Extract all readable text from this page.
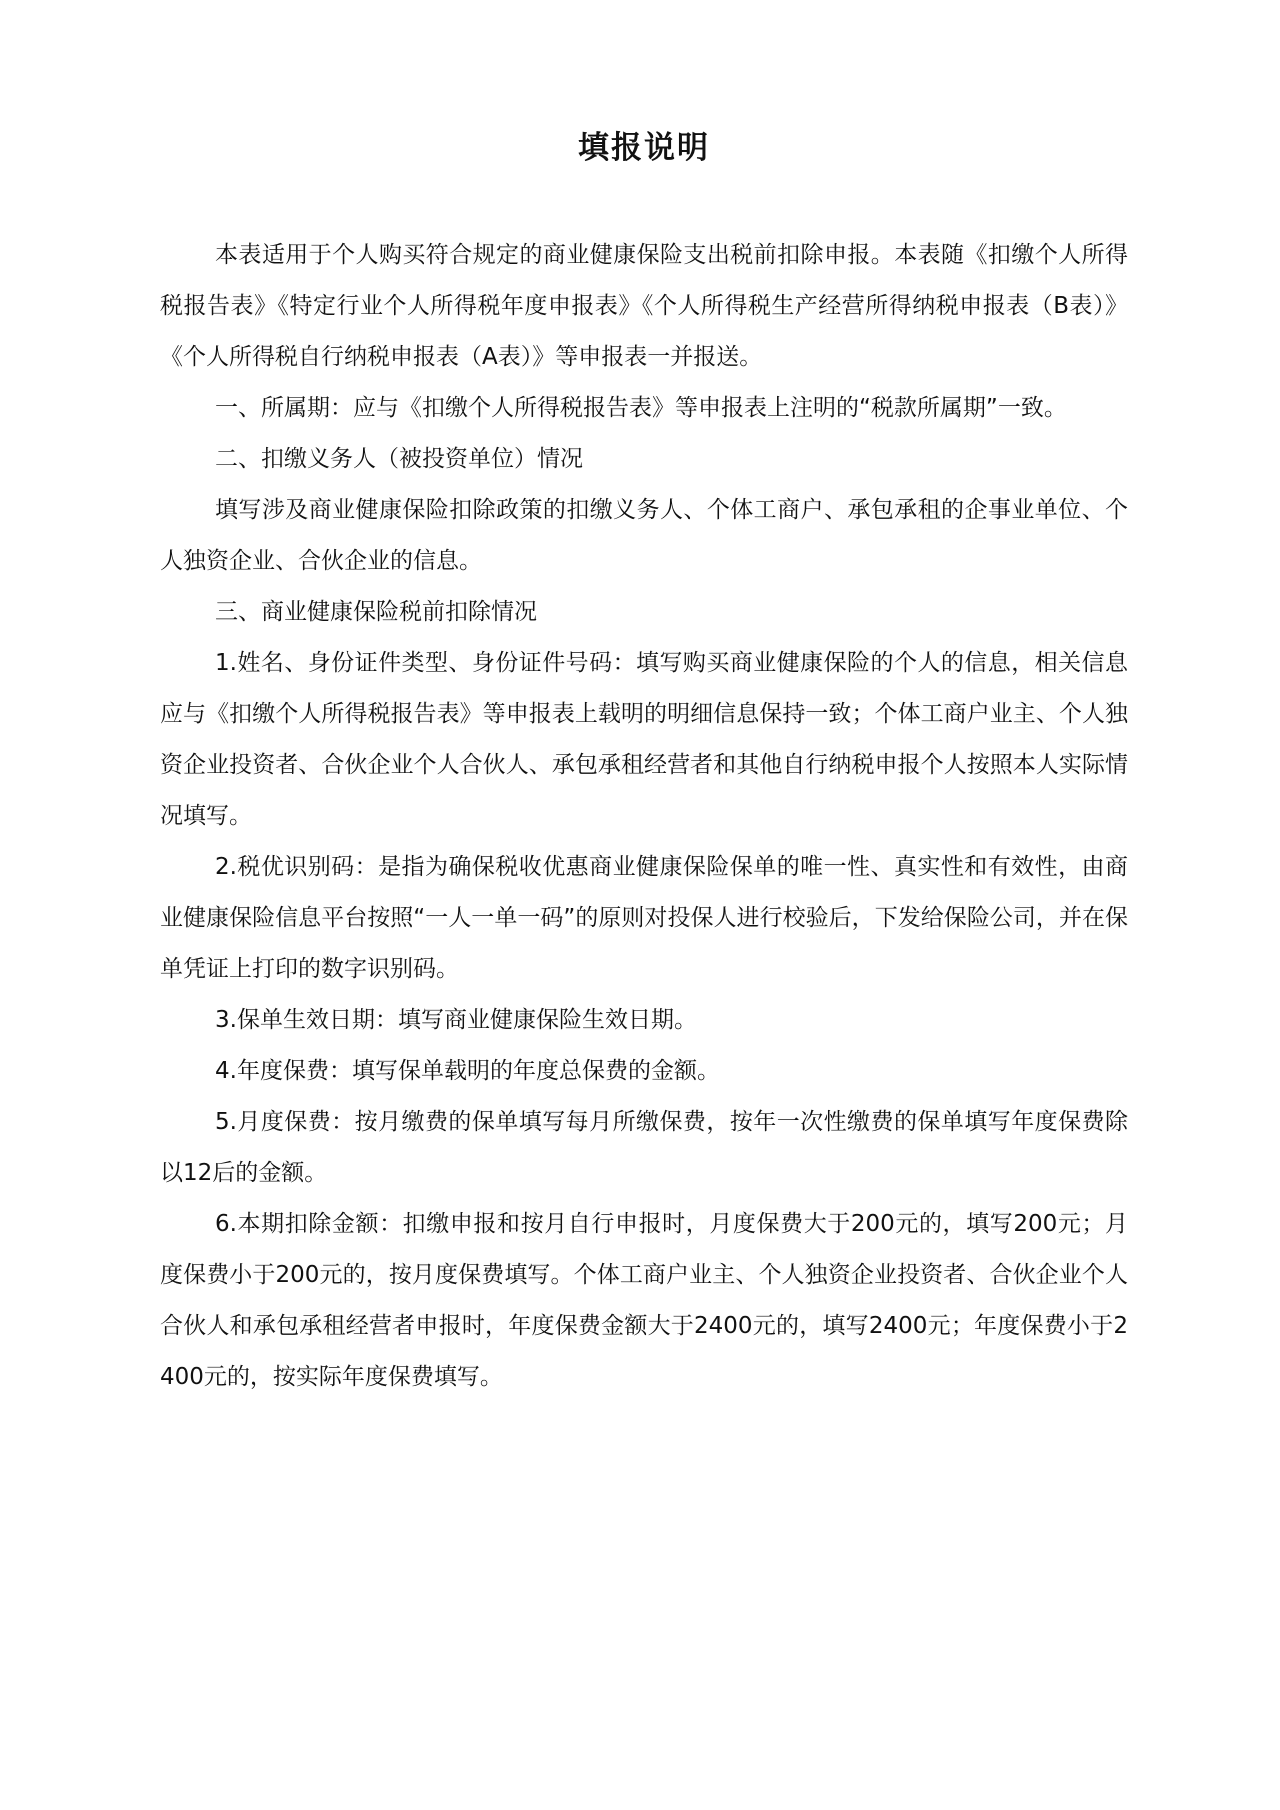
填报说明

本表适用于个人购买符合规定的商业健康保险支出税前扣除申报。本表随《扣缴个人所得税报告表》《特定行业个人所得税年度申报表》《个人所得税生产经营所得纳税申报表（B表）》《个人所得税自行纳税申报表（A表）》等申报表一并报送。

一、所属期：应与《扣缴个人所得税报告表》等申报表上注明的“税款所属期”一致。

二、扣缴义务人（被投资单位）情况

填写涉及商业健康保险扣除政策的扣缴义务人、个体工商户、承包承租的企事业单位、个人独资企业、合伙企业的信息。

三、商业健康保险税前扣除情况

1.姓名、身份证件类型、身份证件号码：填写购买商业健康保险的个人的信息，相关信息应与《扣缴个人所得税报告表》等申报表上载明的明细信息保持一致；个体工商户业主、个人独资企业投资者、合伙企业个人合伙人、承包承租经营者和其他自行纳税申报个人按照本人实际情况填写。

2.税优识别码：是指为确保税收优惠商业健康保险保单的唯一性、真实性和有效性，由商业健康保险信息平台按照“一人一单一码”的原则对投保人进行校验后，下发给保险公司，并在保单凭证上打印的数字识别码。

3.保单生效日期：填写商业健康保险生效日期。

4.年度保费：填写保单载明的年度总保费的金额。

5.月度保费：按月缴费的保单填写每月所缴保费，按年一次性缴费的保单填写年度保费除以12后的金额。

6.本期扣除金额：扣缴申报和按月自行申报时，月度保费大于200元的，填写200元；月度保费小于200元的，按月度保费填写。个体工商户业主、个人独资企业投资者、合伙企业个人合伙人和承包承租经营者申报时，年度保费金额大于2400元的，填写2400元；年度保费小于2400元的，按实际年度保费填写。
